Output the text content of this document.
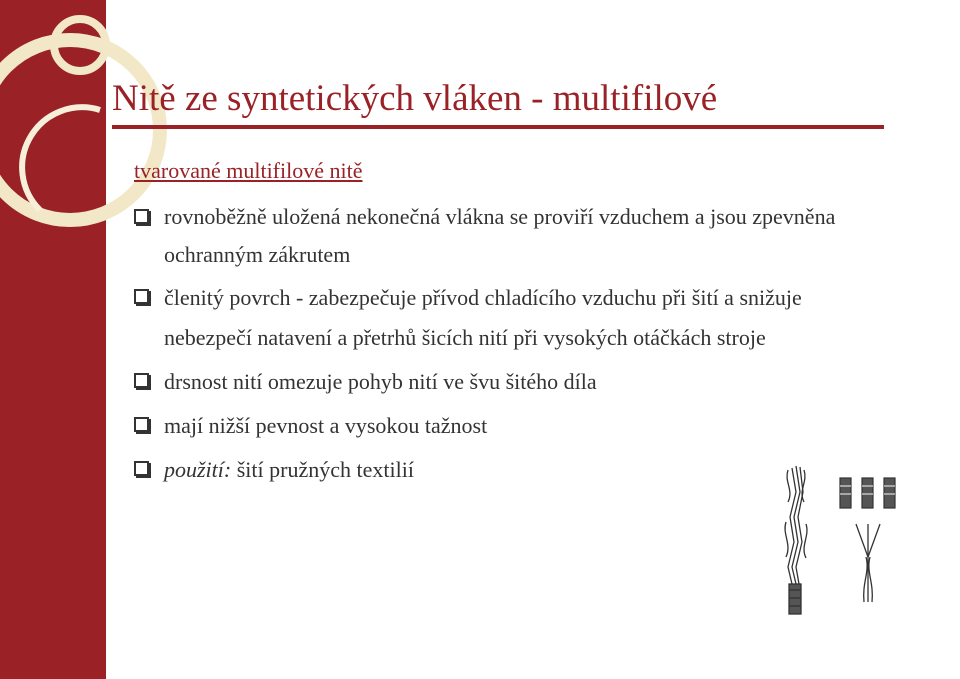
Nitě ze syntetických vláken - multifilové
tvarované multifilové nitě
rovnoběžně uložená nekonečná vlákna se proviří vzduchem a jsou zpevněna ochranným zákrutem
členitý povrch - zabezpečuje přívod chladícího vzduchu při šití a snižuje nebezpečí natavení a přetrhů šicích nití při vysokých otáčkách stroje
drsnost nití omezuje pohyb nití ve švu šitého díla
mají nižší pevnost a vysokou tažnost
použití: šití pružných textilií
